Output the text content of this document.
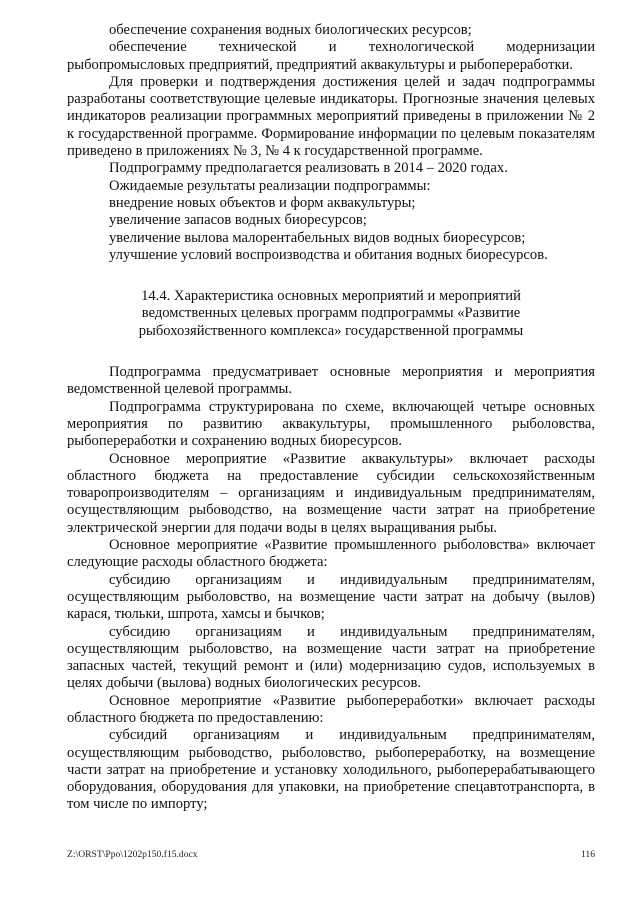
обеспечение сохранения водных биологических ресурсов;

обеспечение технической и технологической модернизации рыбопромысловых предприятий, предприятий аквакультуры и рыбопереработки.

Для проверки и подтверждения достижения целей и задач подпрограммы разработаны соответствующие целевые индикаторы. Прогнозные значения целевых индикаторов реализации программных мероприятий приведены в приложении № 2 к государственной программе. Формирование информации по целевым показателям приведено в приложениях № 3, № 4 к государственной программе.

Подпрограмму предполагается реализовать в 2014 – 2020 годах.

Ожидаемые результаты реализации подпрограммы:

внедрение новых объектов и форм аквакультуры;

увеличение запасов водных биоресурсов;

увеличение вылова малорентабельных видов водных биоресурсов;

улучшение условий воспроизводства и обитания водных биоресурсов.

14.4. Характеристика основных мероприятий и мероприятий

ведомственных целевых программ подпрограммы «Развитие

рыбохозяйственного комплекса» государственной программы

Подпрограмма предусматривает основные мероприятия и мероприятия ведомственной целевой программы.

Подпрограмма структурирована по схеме, включающей четыре основных мероприятия по развитию аквакультуры, промышленного рыболовства, рыбопереработки и сохранению водных биоресурсов.

Основное мероприятие «Развитие аквакультуры» включает расходы областного бюджета на предоставление субсидии сельскохозяйственным товаропроизводителям – организациям и индивидуальным предпринимателям, осуществляющим рыбоводство, на возмещение части затрат на приобретение электрической энергии для подачи воды в целях выращивания рыбы.

Основное мероприятие «Развитие промышленного рыболовства» включает следующие расходы областного бюджета:

субсидию организациям и индивидуальным предпринимателям, осуществляющим рыболовство, на возмещение части затрат на добычу (вылов) карася, тюльки, шпрота, хамсы и бычков;

субсидию организациям и индивидуальным предпринимателям, осуществляющим рыболовство, на возмещение части затрат на приобретение запасных частей, текущий ремонт и (или) модернизацию судов, используемых в целях добычи (вылова) водных биологических ресурсов.

Основное мероприятие «Развитие рыбопереработки» включает расходы областного бюджета по предоставлению:

субсидий организациям и индивидуальным предпринимателям, осуществляющим рыбоводство, рыболовство, рыбопереработку, на возмещение части затрат на приобретение и установку холодильного, рыбоперерабатывающего оборудования, оборудования для упаковки, на приобретение спецавтотранспорта, в том числе по импорту;

Z:\ORST\Ppo\1202p150.f15.docx	116
